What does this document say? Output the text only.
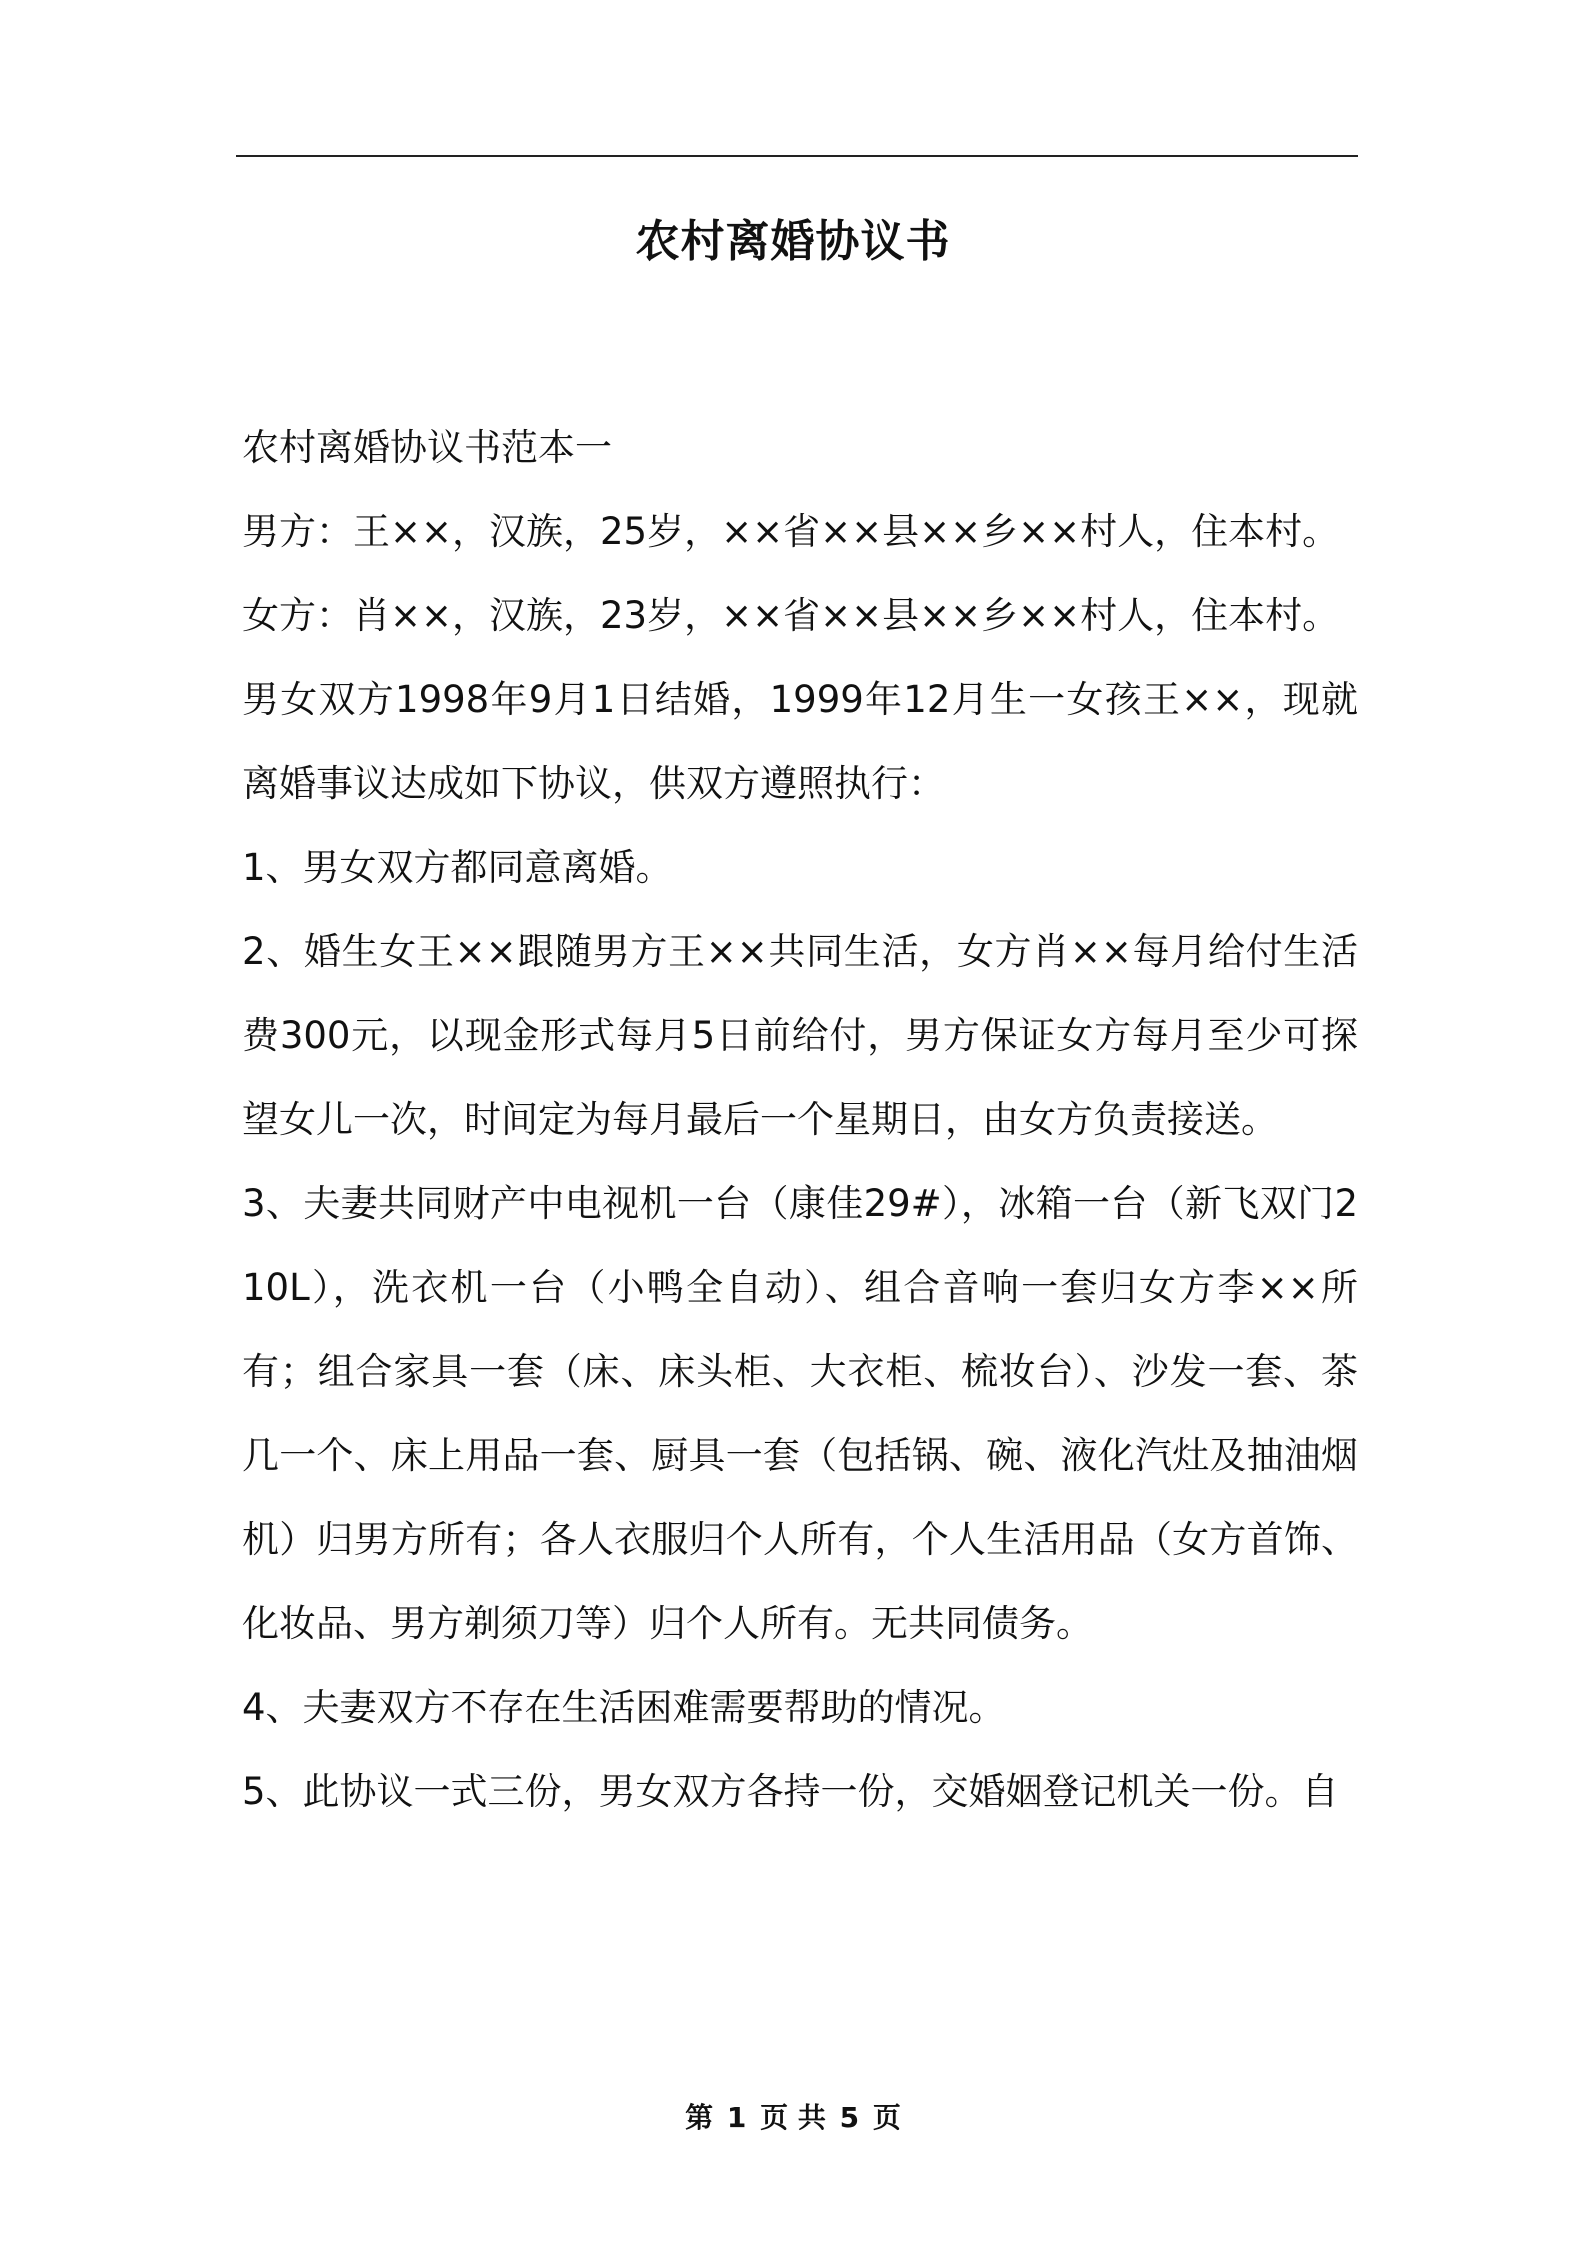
农村离婚协议书

农村离婚协议书范本一

男方：王××，汉族，25岁，××省××县××乡××村人，住本村。

女方：肖××，汉族，23岁，××省××县××乡××村人，住本村。

男女双方1998年9月1日结婚，1999年12月生一女孩王××，现就离婚事议达成如下协议，供双方遵照执行：

1、男女双方都同意离婚。

2、婚生女王××跟随男方王××共同生活，女方肖××每月给付生活费300元，以现金形式每月5日前给付，男方保证女方每月至少可探望女儿一次，时间定为每月最后一个星期日，由女方负责接送。

3、夫妻共同财产中电视机一台（康佳29#），冰箱一台（新飞双门210L），洗衣机一台（小鸭全自动）、组合音响一套归女方李××所有；组合家具一套（床、床头柜、大衣柜、梳妆台）、沙发一套、茶几一个、床上用品一套、厨具一套（包括锅、碗、液化汽灶及抽油烟机）归男方所有；各人衣服归个人所有，个人生活用品（女方首饰、化妆品、男方剃须刀等）归个人所有。无共同债务。

4、夫妻双方不存在生活困难需要帮助的情况。

5、此协议一式三份，男女双方各持一份，交婚姻登记机关一份。自

第 1 页 共 5 页
